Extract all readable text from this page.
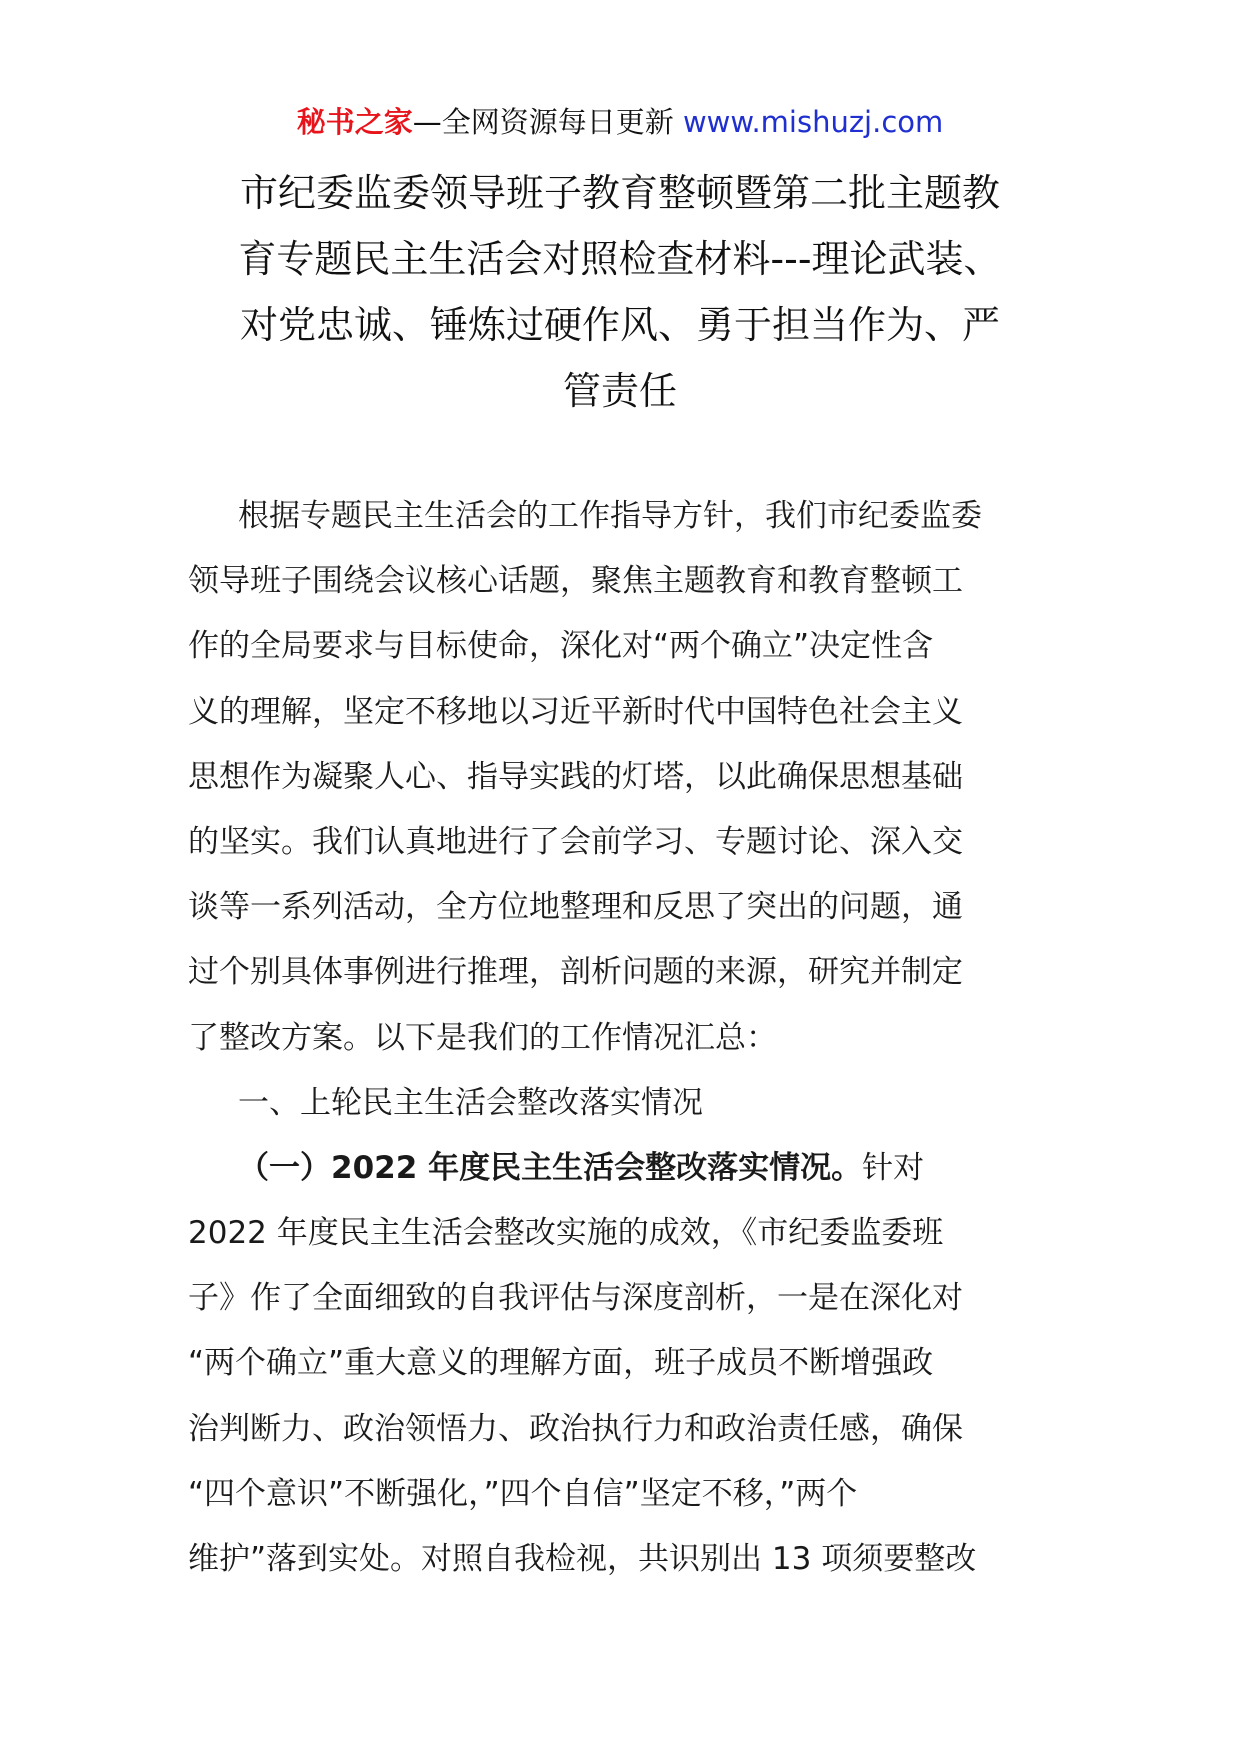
秘书之家—全网资源每日更新 www.mishuzj.com
市纪委监委领导班子教育整顿暨第二批主题教
育专题民主生活会对照检查材料---理论武装、
对党忠诚、锤炼过硬作风、勇于担当作为、严
管责任
根据专题民主生活会的工作指导方针，我们市纪委监委
领导班子围绕会议核心话题，聚焦主题教育和教育整顿工
作的全局要求与目标使命，深化对“两个确立”决定性含
义的理解，坚定不移地以习近平新时代中国特色社会主义
思想作为凝聚人心、指导实践的灯塔，以此确保思想基础
的坚实。我们认真地进行了会前学习、专题讨论、深入交
谈等一系列活动，全方位地整理和反思了突出的问题，通
过个别具体事例进行推理，剖析问题的来源，研究并制定
了整改方案。以下是我们的工作情况汇总：
一、上轮民主生活会整改落实情况
（一）2022 年度民主生活会整改落实情况。针对
2022 年度民主生活会整改实施的成效，《市纪委监委班
子》作了全面细致的自我评估与深度剖析，一是在深化对
“两个确立”重大意义的理解方面，班子成员不断增强政
治判断力、政治领悟力、政治执行力和政治责任感，确保
“四个意识”不断强化，”四个自信”坚定不移，”两个
维护”落到实处。对照自我检视，共识别出 13 项须要整改
